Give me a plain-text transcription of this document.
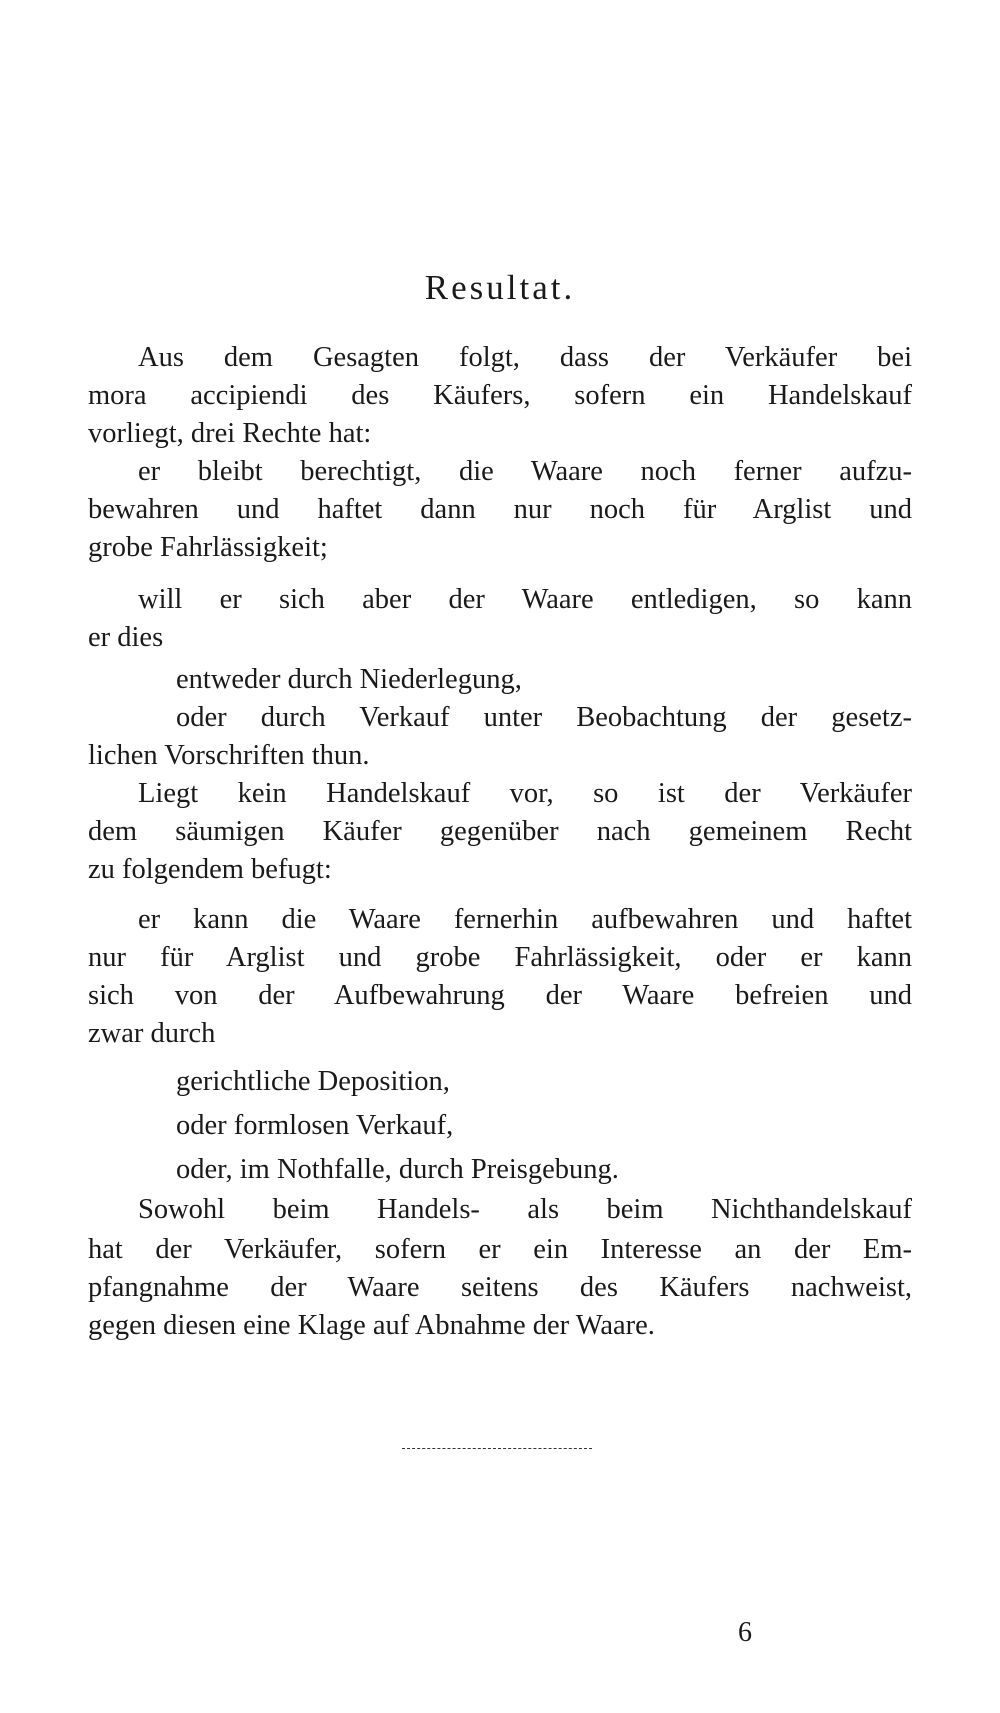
Resultat.
Aus dem Gesagten folgt, dass der Verkäufer bei
mora accipiendi des Käufers, sofern ein Handelskauf
vorliegt, drei Rechte hat:
er bleibt berechtigt, die Waare noch ferner aufzu-
bewahren und haftet dann nur noch für Arglist und
grobe Fahrlässigkeit;
will er sich aber der Waare entledigen, so kann
er dies
entweder durch Niederlegung,
oder durch Verkauf unter Beobachtung der gesetz-
lichen Vorschriften thun.
Liegt kein Handelskauf vor, so ist der Verkäufer
dem säumigen Käufer gegenüber nach gemeinem Recht
zu folgendem befugt:
er kann die Waare fernerhin aufbewahren und haftet
nur für Arglist und grobe Fahrlässigkeit, oder er kann
sich von der Aufbewahrung der Waare befreien und
zwar durch
gerichtliche Deposition,
oder formlosen Verkauf,
oder, im Nothfalle, durch Preisgebung.
Sowohl beim Handels- als beim Nichthandelskauf
hat der Verkäufer, sofern er ein Interesse an der Em-
pfangnahme der Waare seitens des Käufers nachweist,
gegen diesen eine Klage auf Abnahme der Waare.
6
